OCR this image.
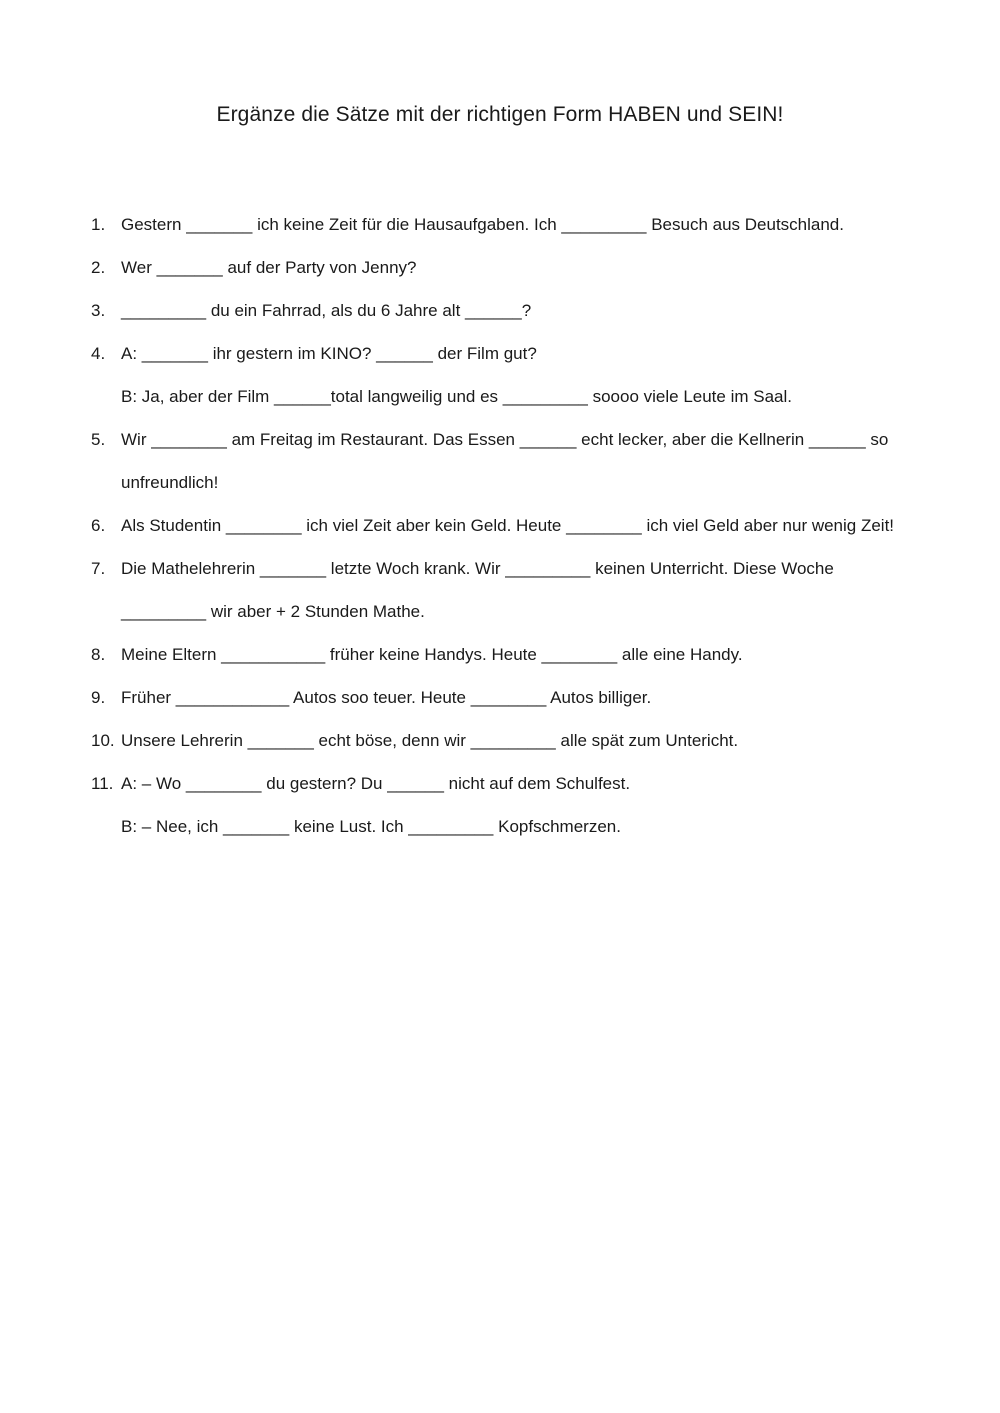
Ergänze die Sätze mit der richtigen Form HABEN und SEIN!
1. Gestern _______ ich keine Zeit für die Hausaufgaben. Ich _________ Besuch aus Deutschland.
2. Wer _______ auf der Party von Jenny?
3. _________ du ein Fahrrad, als du 6 Jahre alt ______?
4. A: _______ ihr gestern im KINO? ______ der Film gut?
B: Ja, aber der Film ______total langweilig und es _________ soooo viele Leute im Saal.
5. Wir ________ am Freitag im Restaurant. Das Essen ______ echt lecker, aber die Kellnerin ______ so
unfreundlich!
6. Als Studentin ________ ich viel Zeit aber kein Geld. Heute ________ ich viel Geld aber nur wenig Zeit!
7. Die Mathelehrerin _______ letzte Woch krank. Wir _________ keinen Unterricht. Diese Woche
_________ wir aber + 2 Stunden Mathe.
8. Meine Eltern ___________ früher keine Handys. Heute ________ alle eine Handy.
9. Früher ____________ Autos soo teuer. Heute ________ Autos billiger.
10. Unsere Lehrerin _______ echt böse, denn wir _________ alle spät zum Untericht.
11. A: – Wo ________ du gestern? Du ______ nicht auf dem Schulfest.
B: – Nee, ich _______ keine Lust. Ich _________ Kopfschmerzen.
